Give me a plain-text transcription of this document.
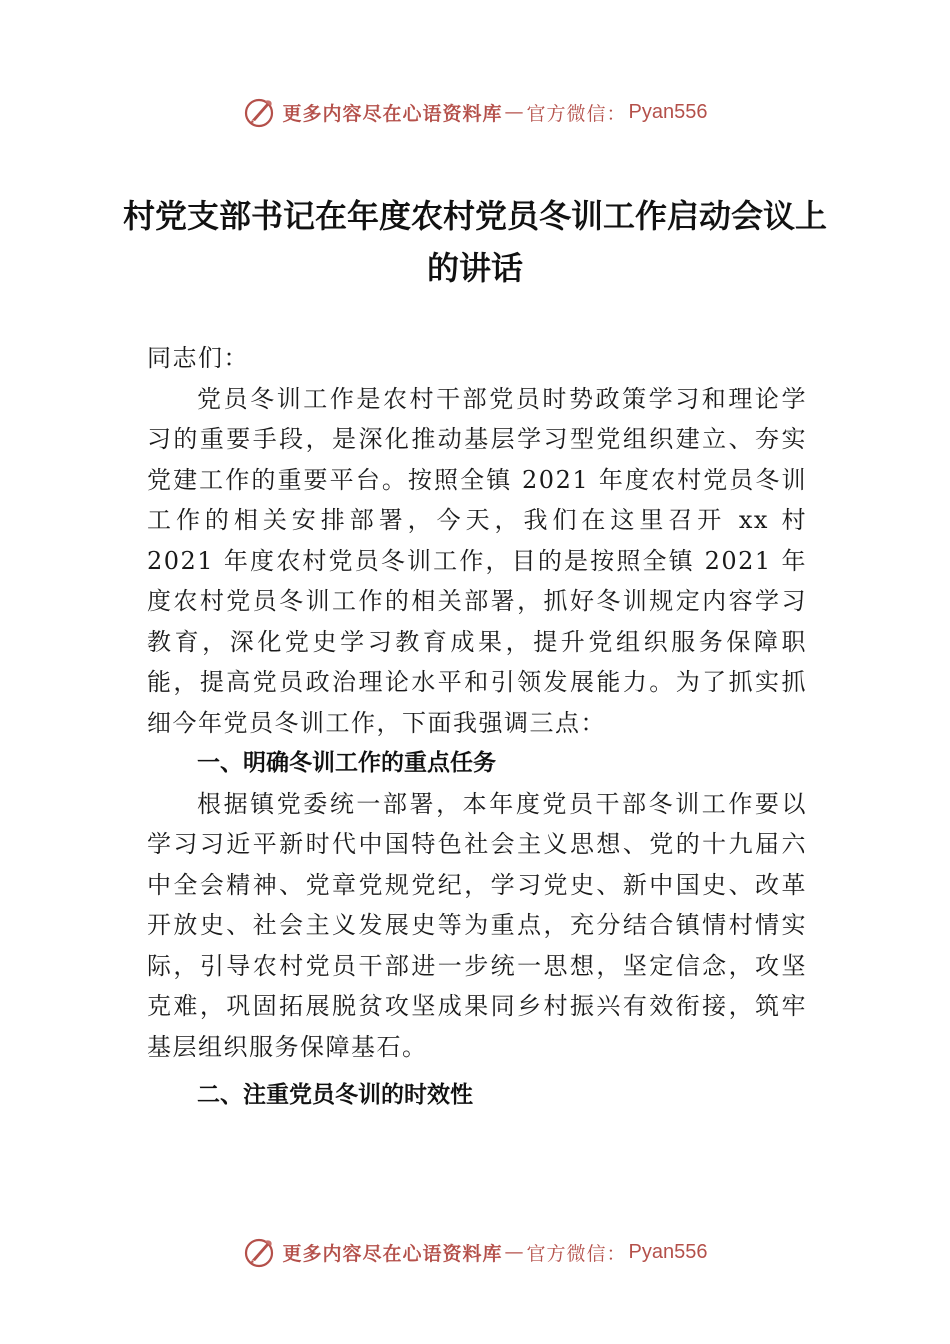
更多内容尽在心语资料库 — 官方微信： Pyan556
村党支部书记在年度农村党员冬训工作启动会议上的讲话

同志们：

党员冬训工作是农村干部党员时势政策学习和理论学习的重要手段，是深化推动基层学习型党组织建立、夯实党建工作的重要平台。按照全镇 2021 年度农村党员冬训工作的相关安排部署，今天，我们在这里召开 xx 村 2021 年度农村党员冬训工作，目的是按照全镇 2021 年度农村党员冬训工作的相关部署，抓好冬训规定内容学习教育，深化党史学习教育成果，提升党组织服务保障职能，提高党员政治理论水平和引领发展能力。为了抓实抓细今年党员冬训工作，下面我强调三点：

一、明确冬训工作的重点任务

根据镇党委统一部署，本年度党员干部冬训工作要以学习习近平新时代中国特色社会主义思想、党的十九届六中全会精神、党章党规党纪，学习党史、新中国史、改革开放史、社会主义发展史等为重点，充分结合镇情村情实际，引导农村党员干部进一步统一思想，坚定信念，攻坚克难，巩固拓展脱贫攻坚成果同乡村振兴有效衔接，筑牢基层组织服务保障基石。

二、注重党员冬训的时效性
更多内容尽在心语资料库 — 官方微信： Pyan556
